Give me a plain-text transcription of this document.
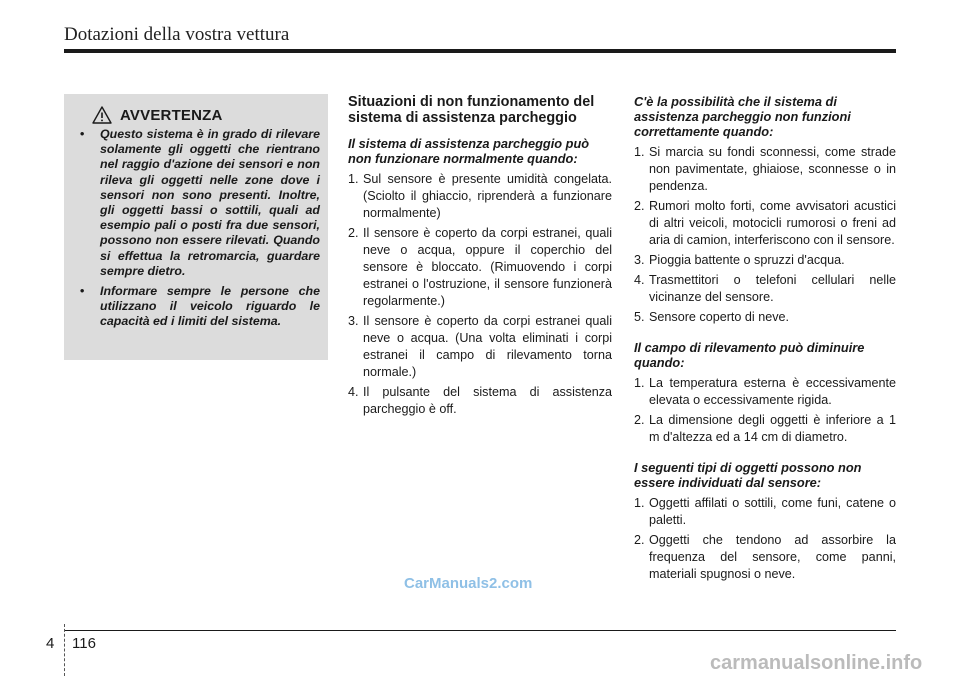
Dotazioni della vostra vettura
AVVERTENZA
• Questo sistema è in grado di rilevare solamente gli oggetti che rientrano nel raggio d'azione dei sensori e non rileva gli oggetti nelle zone dove i sensori non sono presenti. Inoltre, gli oggetti bassi o sottili, quali ad esempio pali o posti fra due sensori, possono non essere rilevati. Quando si effettua la retromarcia, guardare sempre dietro.
• Informare sempre le persone che utilizzano il veicolo riguardo le capacità ed i limiti del sistema.
Situazioni di non funzionamento del sistema di assistenza parcheggio
Il sistema di assistenza parcheggio può non funzionare normalmente quando:
1. Sul sensore è presente umidità congelata. (Sciolto il ghiaccio, riprenderà a funzionare normalmente)
2. Il sensore è coperto da corpi estranei, quali neve o acqua, oppure il coperchio del sensore è bloccato. (Rimuovendo i corpi estranei o l'ostruzione, il sensore funzionerà regolarmente.)
3. Il sensore è coperto da corpi estranei quali neve o acqua. (Una volta eliminati i corpi estranei il campo di rilevamento torna normale.)
4. Il pulsante del sistema di assistenza parcheggio è off.
C'è la possibilità che il sistema di assistenza parcheggio non funzioni correttamente quando:
1. Si marcia su fondi sconnessi, come strade non pavimentate, ghiaiose, sconnesse o in pendenza.
2. Rumori molto forti, come avvisatori acustici di altri veicoli, motocicli rumorosi o freni ad aria di camion, interferiscono con il sensore.
3. Pioggia battente o spruzzi d'acqua.
4. Trasmettitori o telefoni cellulari nelle vicinanze del sensore.
5. Sensore coperto di neve.
Il campo di rilevamento può diminuire quando:
1. La temperatura esterna è eccessivamente elevata o eccessivamente rigida.
2. La dimensione degli oggetti è inferiore a 1 m d'altezza ed a 14 cm di diametro.
I seguenti tipi di oggetti possono non essere individuati dal sensore:
1. Oggetti affilati o sottili, come funi, catene o paletti.
2. Oggetti che tendono ad assorbire la frequenza del sensore, come panni, materiali spugnosi o neve.
CarManuals2.com
4 116
carmanualsonline.info
